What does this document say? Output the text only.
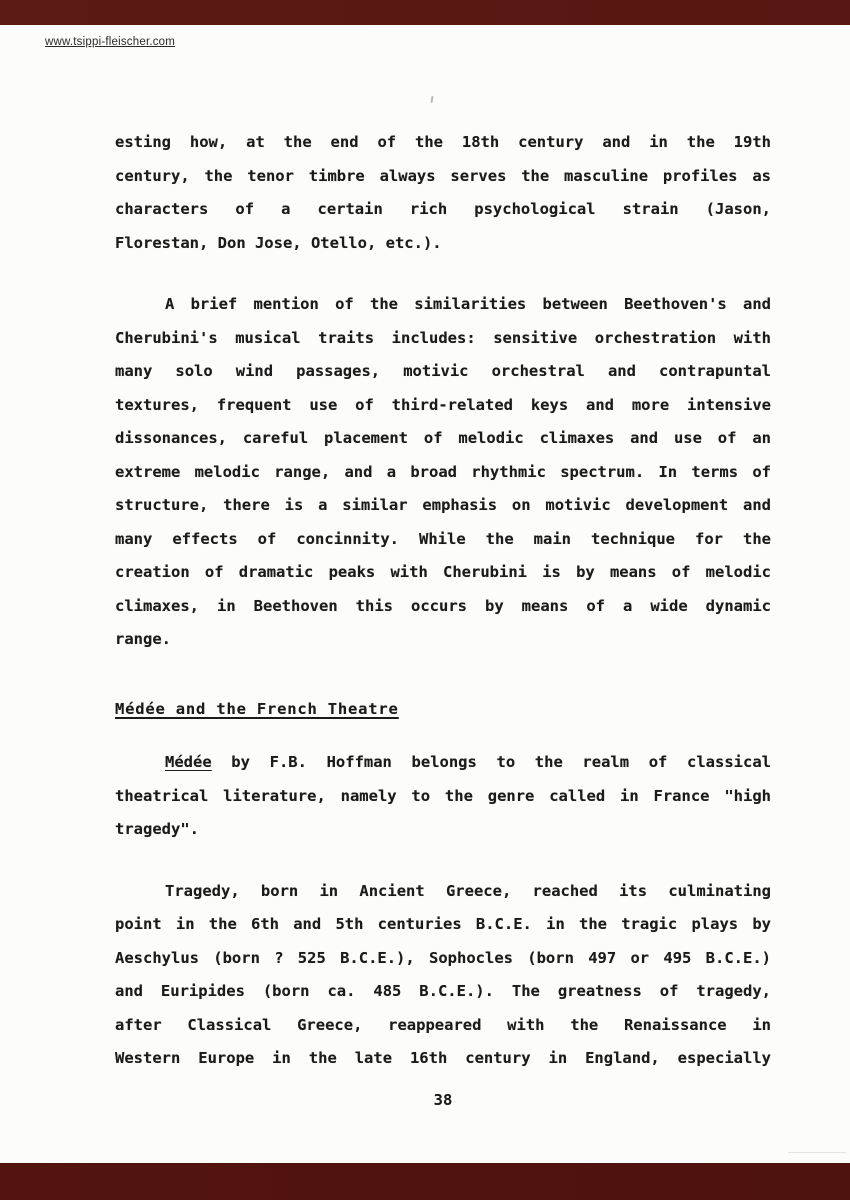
www.tsippi-fleischer.com
esting how, at the end of the 18th century and in the 19th
century, the tenor timbre always serves the masculine profiles as
characters of a certain rich psychological strain (Jason,
Florestan, Don Jose, Otello, etc.).
A brief mention of the similarities between Beethoven's and
Cherubini's musical traits includes: sensitive orchestration with
many solo wind passages, motivic orchestral and contrapuntal
textures, frequent use of third-related keys and more intensive
dissonances, careful placement of melodic climaxes and use of an
extreme melodic range, and a broad rhythmic spectrum. In terms of
structure, there is a similar emphasis on motivic development and
many effects of concinnity. While the main technique for the
creation of dramatic peaks with Cherubini is by means of melodic
climaxes, in Beethoven this occurs by means of a wide dynamic
range.
Médée and the French Theatre
Médée by F.B. Hoffman belongs to the realm of classical
theatrical literature, namely to the genre called in France "high
tragedy".
Tragedy, born in Ancient Greece, reached its culminating
point in the 6th and 5th centuries B.C.E. in the tragic plays by
Aeschylus (born ? 525 B.C.E.), Sophocles (born 497 or 495 B.C.E.)
and Euripides (born ca. 485 B.C.E.). The greatness of tragedy,
after Classical Greece, reappeared with the Renaissance in
Western Europe in the late 16th century in England, especially
38
